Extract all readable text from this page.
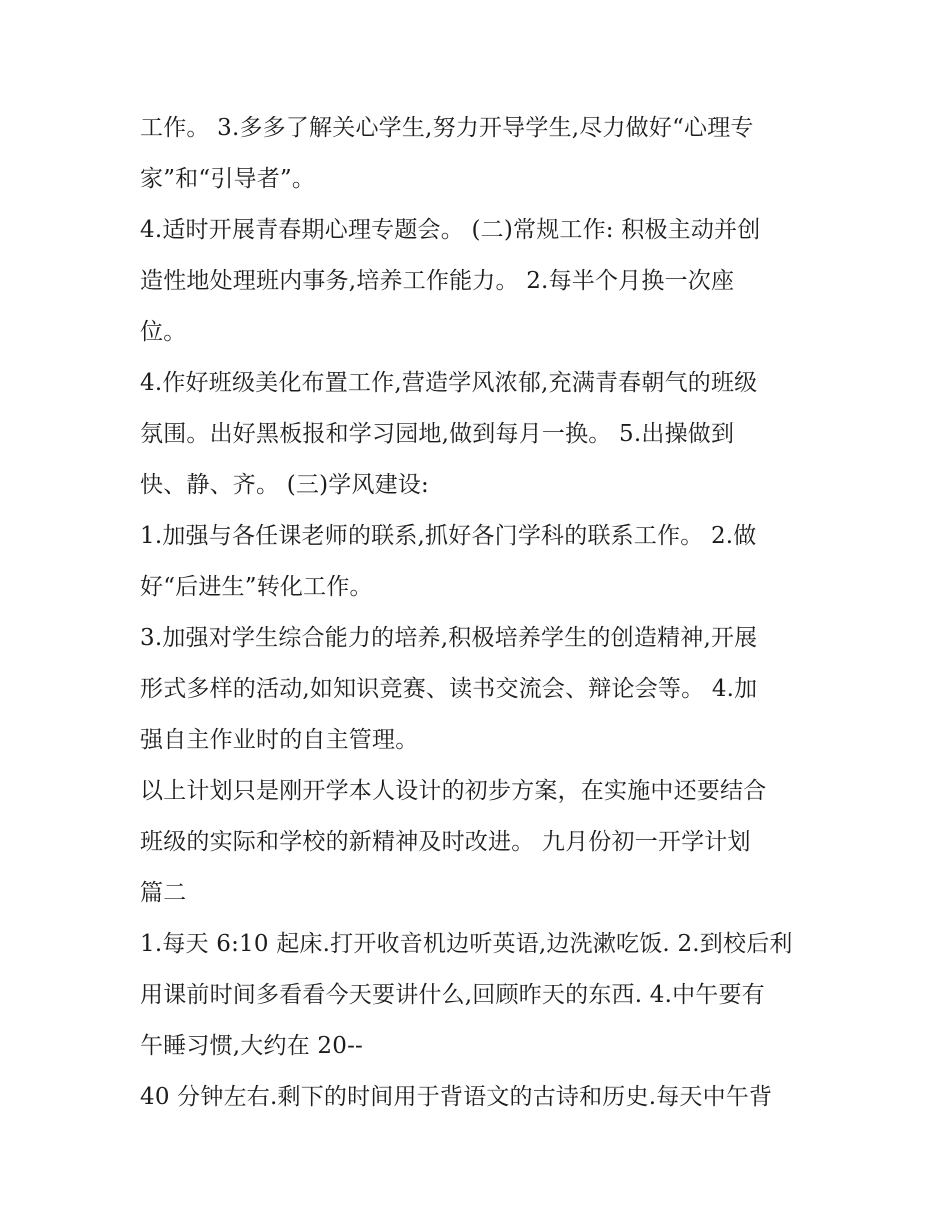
工作。 3.多多了解关心学生,努力开导学生,尽力做好“心理专
家”和“引导者”。
4.适时开展青春期心理专题会。 (二)常规工作: 积极主动并创
造性地处理班内事务,培养工作能力。 2.每半个月换一次座
位。
4.作好班级美化布置工作,营造学风浓郁,充满青春朝气的班级
氛围。出好黑板报和学习园地,做到每月一换。 5.出操做到
快、静、齐。 (三)学风建设:
1.加强与各任课老师的联系,抓好各门学科的联系工作。 2.做
好“后进生”转化工作。
3.加强对学生综合能力的培养,积极培养学生的创造精神,开展
形式多样的活动,如知识竞赛、读书交流会、辩论会等。 4.加
强自主作业时的自主管理。
以上计划只是刚开学本人设计的初步方案，在实施中还要结合
班级的实际和学校的新精神及时改进。 九月份初一开学计划
篇二
1.每天 6:10 起床.打开收音机边听英语,边洗漱吃饭. 2.到校后利
用课前时间多看看今天要讲什么,回顾昨天的东西. 4.中午要有
午睡习惯,大约在 20--
40 分钟左右.剩下的时间用于背语文的古诗和历史.每天中午背
